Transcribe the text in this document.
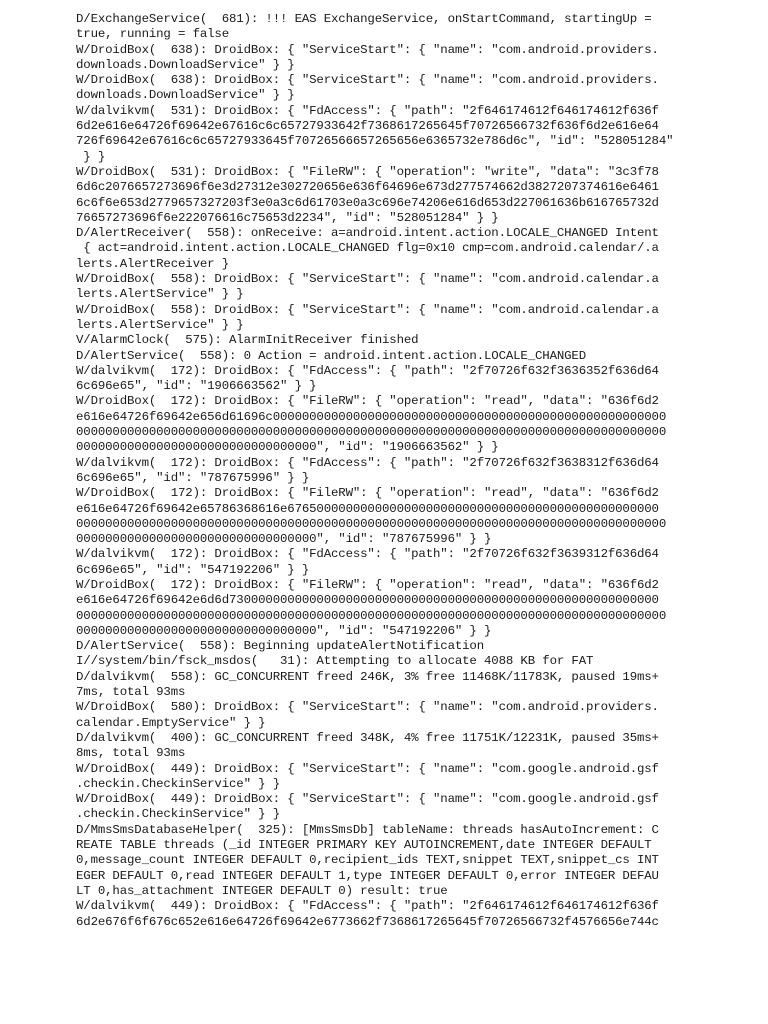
D/ExchangeService(  681): !!! EAS ExchangeService, onStartCommand, startingUp =
true, running = false
W/DroidBox(  638): DroidBox: { "ServiceStart": { "name": "com.android.providers.
downloads.DownloadService" } }
W/DroidBox(  638): DroidBox: { "ServiceStart": { "name": "com.android.providers.
downloads.DownloadService" } }
W/dalvikvm(  531): DroidBox: { "FdAccess": { "path": "2f646174612f646174612f636f
6d2e616e64726f69642e67616c6c65727933642f7368617265645f70726566732f636f6d2e616e64
726f69642e67616c6c65727933645f70726566657265656e6365732e786d6c", "id": "528051284"
} }
W/DroidBox(  531): DroidBox: { "FileRW": { "operation": "write", "data": "3c3f78
6d6c2076657273696f6e3d27312e302720656e636f64696e673d277574662d3827207374616e6461
6c6f6e653d2779657327203f3e0a3c6d61703e0a3c696e74206e616d653d227061636b616765732d
76657273696f6e222076616c75653d2234", "id": "528051284" } }
D/AlertReceiver(  558): onReceive: a=android.intent.action.LOCALE_CHANGED Intent
{ act=android.intent.action.LOCALE_CHANGED flg=0x10 cmp=com.android.calendar/.a
lerts.AlertReceiver }
W/DroidBox(  558): DroidBox: { "ServiceStart": { "name": "com.android.calendar.a
lerts.AlertService" } }
W/DroidBox(  558): DroidBox: { "ServiceStart": { "name": "com.android.calendar.a
lerts.AlertService" } }
V/AlarmClock(  575): AlarmInitReceiver finished
D/AlertService(  558): 0 Action = android.intent.action.LOCALE_CHANGED
W/dalvikvm(  172): DroidBox: { "FdAccess": { "path": "2f70726f632f3636352f636d64
6c696e65", "id": "1906663562" } }
W/DroidBox(  172): DroidBox: { "FileRW": { "operation": "read", "data": "636f6d2
e616e64726f69642e656d61696c000000000000000000000000000000000000000000000000000000
000000000000000000000000000000000000000000000000000000000000000000000000000000000
000000000000000000000000000000000", "id": "1906663562" } }
W/dalvikvm(  172): DroidBox: { "FdAccess": { "path": "2f70726f632f3638312f636d64
6c696e65", "id": "787675996" } }
W/DroidBox(  172): DroidBox: { "FileRW": { "operation": "read", "data": "636f6d2
e616e64726f69642e65786368616e676500000000000000000000000000000000000000000000000
000000000000000000000000000000000000000000000000000000000000000000000000000000000
000000000000000000000000000000000", "id": "787675996" } }
W/dalvikvm(  172): DroidBox: { "FdAccess": { "path": "2f70726f632f3639312f636d64
6c696e65", "id": "547192206" } }
W/DroidBox(  172): DroidBox: { "FileRW": { "operation": "read", "data": "636f6d2
e616e64726f69642e6d6d73000000000000000000000000000000000000000000000000000000000
000000000000000000000000000000000000000000000000000000000000000000000000000000000
000000000000000000000000000000000", "id": "547192206" } }
D/AlertService(  558): Beginning updateAlertNotification
I//system/bin/fsck_msdos(   31): Attempting to allocate 4088 KB for FAT
D/dalvikvm(  558): GC_CONCURRENT freed 246K, 3% free 11468K/11783K, paused 19ms+
7ms, total 93ms
W/DroidBox(  580): DroidBox: { "ServiceStart": { "name": "com.android.providers.
calendar.EmptyService" } }
D/dalvikvm(  400): GC_CONCURRENT freed 348K, 4% free 11751K/12231K, paused 35ms+
8ms, total 93ms
W/DroidBox(  449): DroidBox: { "ServiceStart": { "name": "com.google.android.gsf
.checkin.CheckinService" } }
W/DroidBox(  449): DroidBox: { "ServiceStart": { "name": "com.google.android.gsf
.checkin.CheckinService" } }
D/MmsSmsDatabaseHelper(  325): [MmsSmsDb] tableName: threads hasAutoIncrement: C
REATE TABLE threads (_id INTEGER PRIMARY KEY AUTOINCREMENT,date INTEGER DEFAULT
0,message_count INTEGER DEFAULT 0,recipient_ids TEXT,snippet TEXT,snippet_cs INT
EGER DEFAULT 0,read INTEGER DEFAULT 1,type INTEGER DEFAULT 0,error INTEGER DEFAU
LT 0,has_attachment INTEGER DEFAULT 0) result: true
W/dalvikvm(  449): DroidBox: { "FdAccess": { "path": "2f646174612f646174612f636f
6d2e676f6f676c652e616e64726f69642e6773662f7368617265645f70726566732f4576656e744c
